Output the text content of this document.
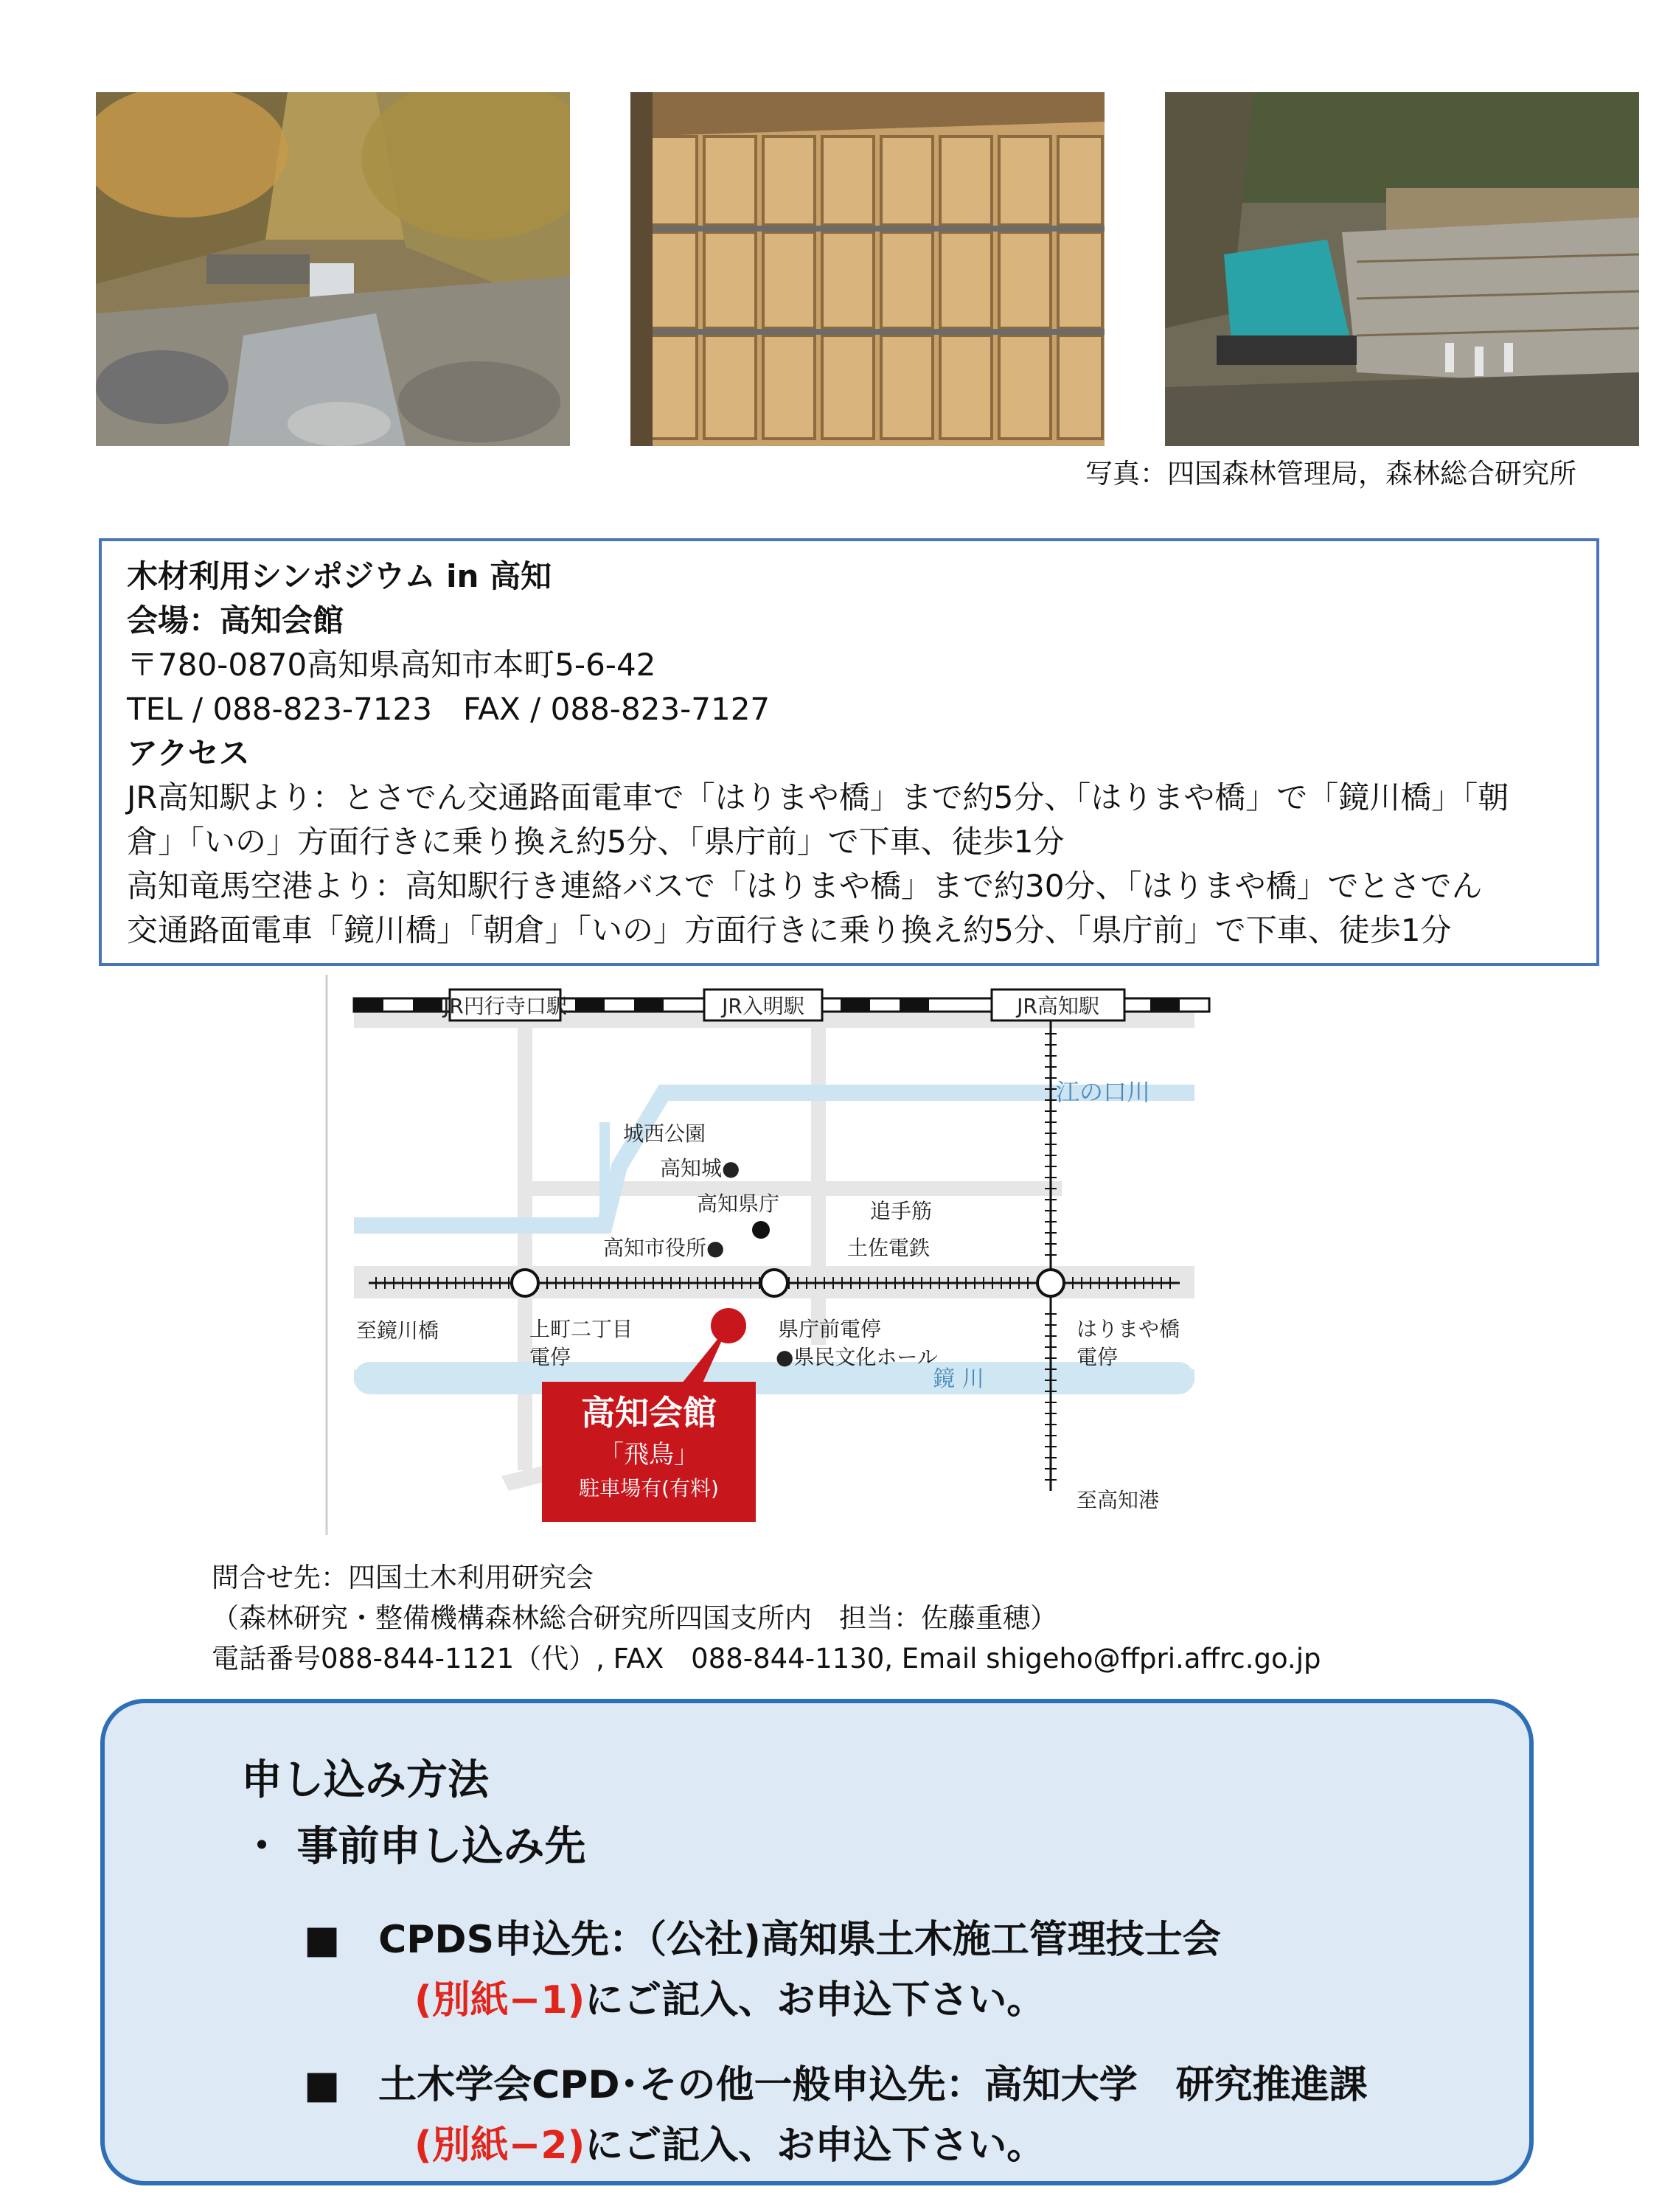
写真：四国森林管理局，森林総合研究所
木材利用シンポジウム in 高知
会場：高知会館
〒780-0870高知県高知市本町5-6-42
TEL / 088-823-7123　FAX / 088-823-7127
アクセス
JR高知駅より：とさでん交通路面電車で「はりまや橋」まで約5分、「はりまや橋」で「鏡川橋」「朝
倉」「いの」方面行きに乗り換え約5分、「県庁前」で下車、徒歩1分
高知竜馬空港より：高知駅行き連絡バスで「はりまや橋」まで約30分、「はりまや橋」でとさでん
交通路面電車「鏡川橋」「朝倉」「いの」方面行きに乗り換え約5分、「県庁前」で下車、徒歩1分
JR円行寺口駅	JR入明駅	JR高知駅
江の口川
城西公園
高知城●
高知県庁
高知市役所●
追手筋
土佐電鉄
至鏡川橋	上町二丁目
電停
県庁前電停
●県民文化ホール
はりまや橋
電停
鏡 川
至高知港
高知会館
「飛鳥」
駐車場有(有料)
問合せ先：四国土木利用研究会
（森林研究・整備機構森林総合研究所四国支所内　担当：佐藤重穂）
電話番号088-844-1121（代）, FAX　088-844-1130, Email shigeho@ffpri.affrc.go.jp
申し込み方法
・ 事前申し込み先
■　CPDS申込先：（公社)高知県土木施工管理技士会
(別紙−1)にご記入、お申込下さい。
■　土木学会CPD･その他一般申込先：高知大学　研究推進課
(別紙−2)にご記入、お申込下さい。
